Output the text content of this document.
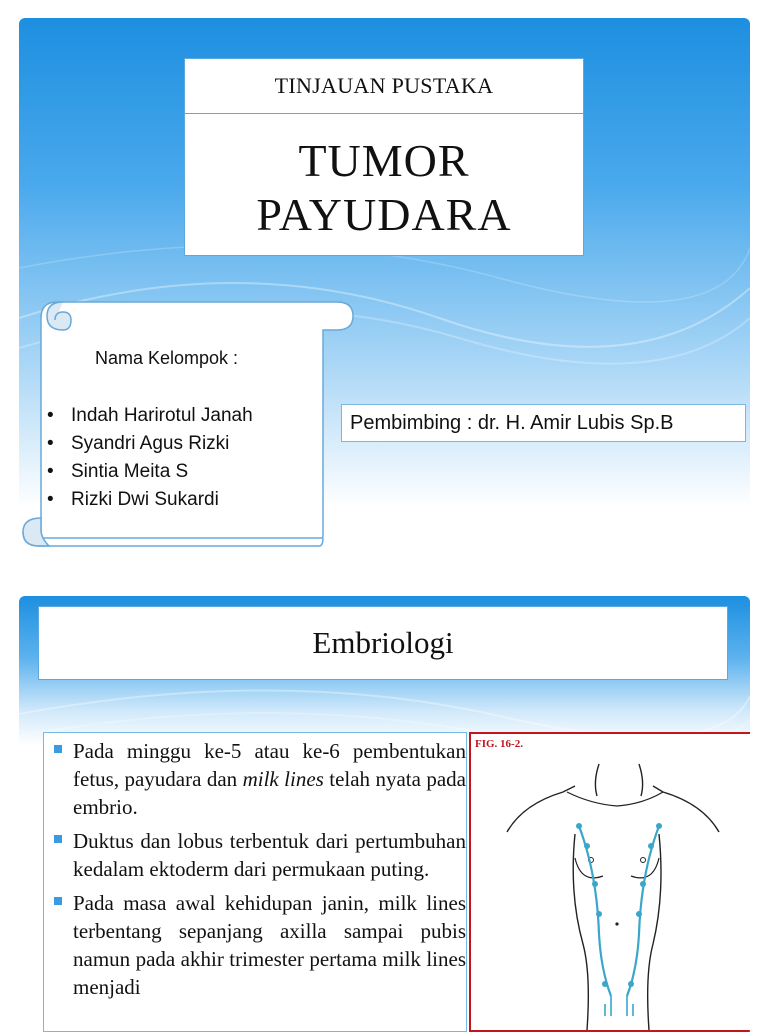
TINJAUAN PUSTAKA
TUMOR
PAYUDARA
Nama Kelompok :
• Indah Harirotul Janah
• Syandri Agus Rizki
• Sintia Meita S
• Rizki Dwi Sukardi
Pembimbing : dr. H. Amir Lubis Sp.B
Embriologi
Pada minggu ke-5 atau ke-6 pembentukan fetus, payudara dan milk lines telah nyata pada embrio.
Duktus dan lobus terbentuk dari pertumbuhan kedalam ektoderm dari permukaan puting.
Pada masa awal kehidupan janin, milk lines terbentang sepanjang axilla sampai pubis namun pada akhir trimester pertama milk lines menjadi
FIG. 16-2.
